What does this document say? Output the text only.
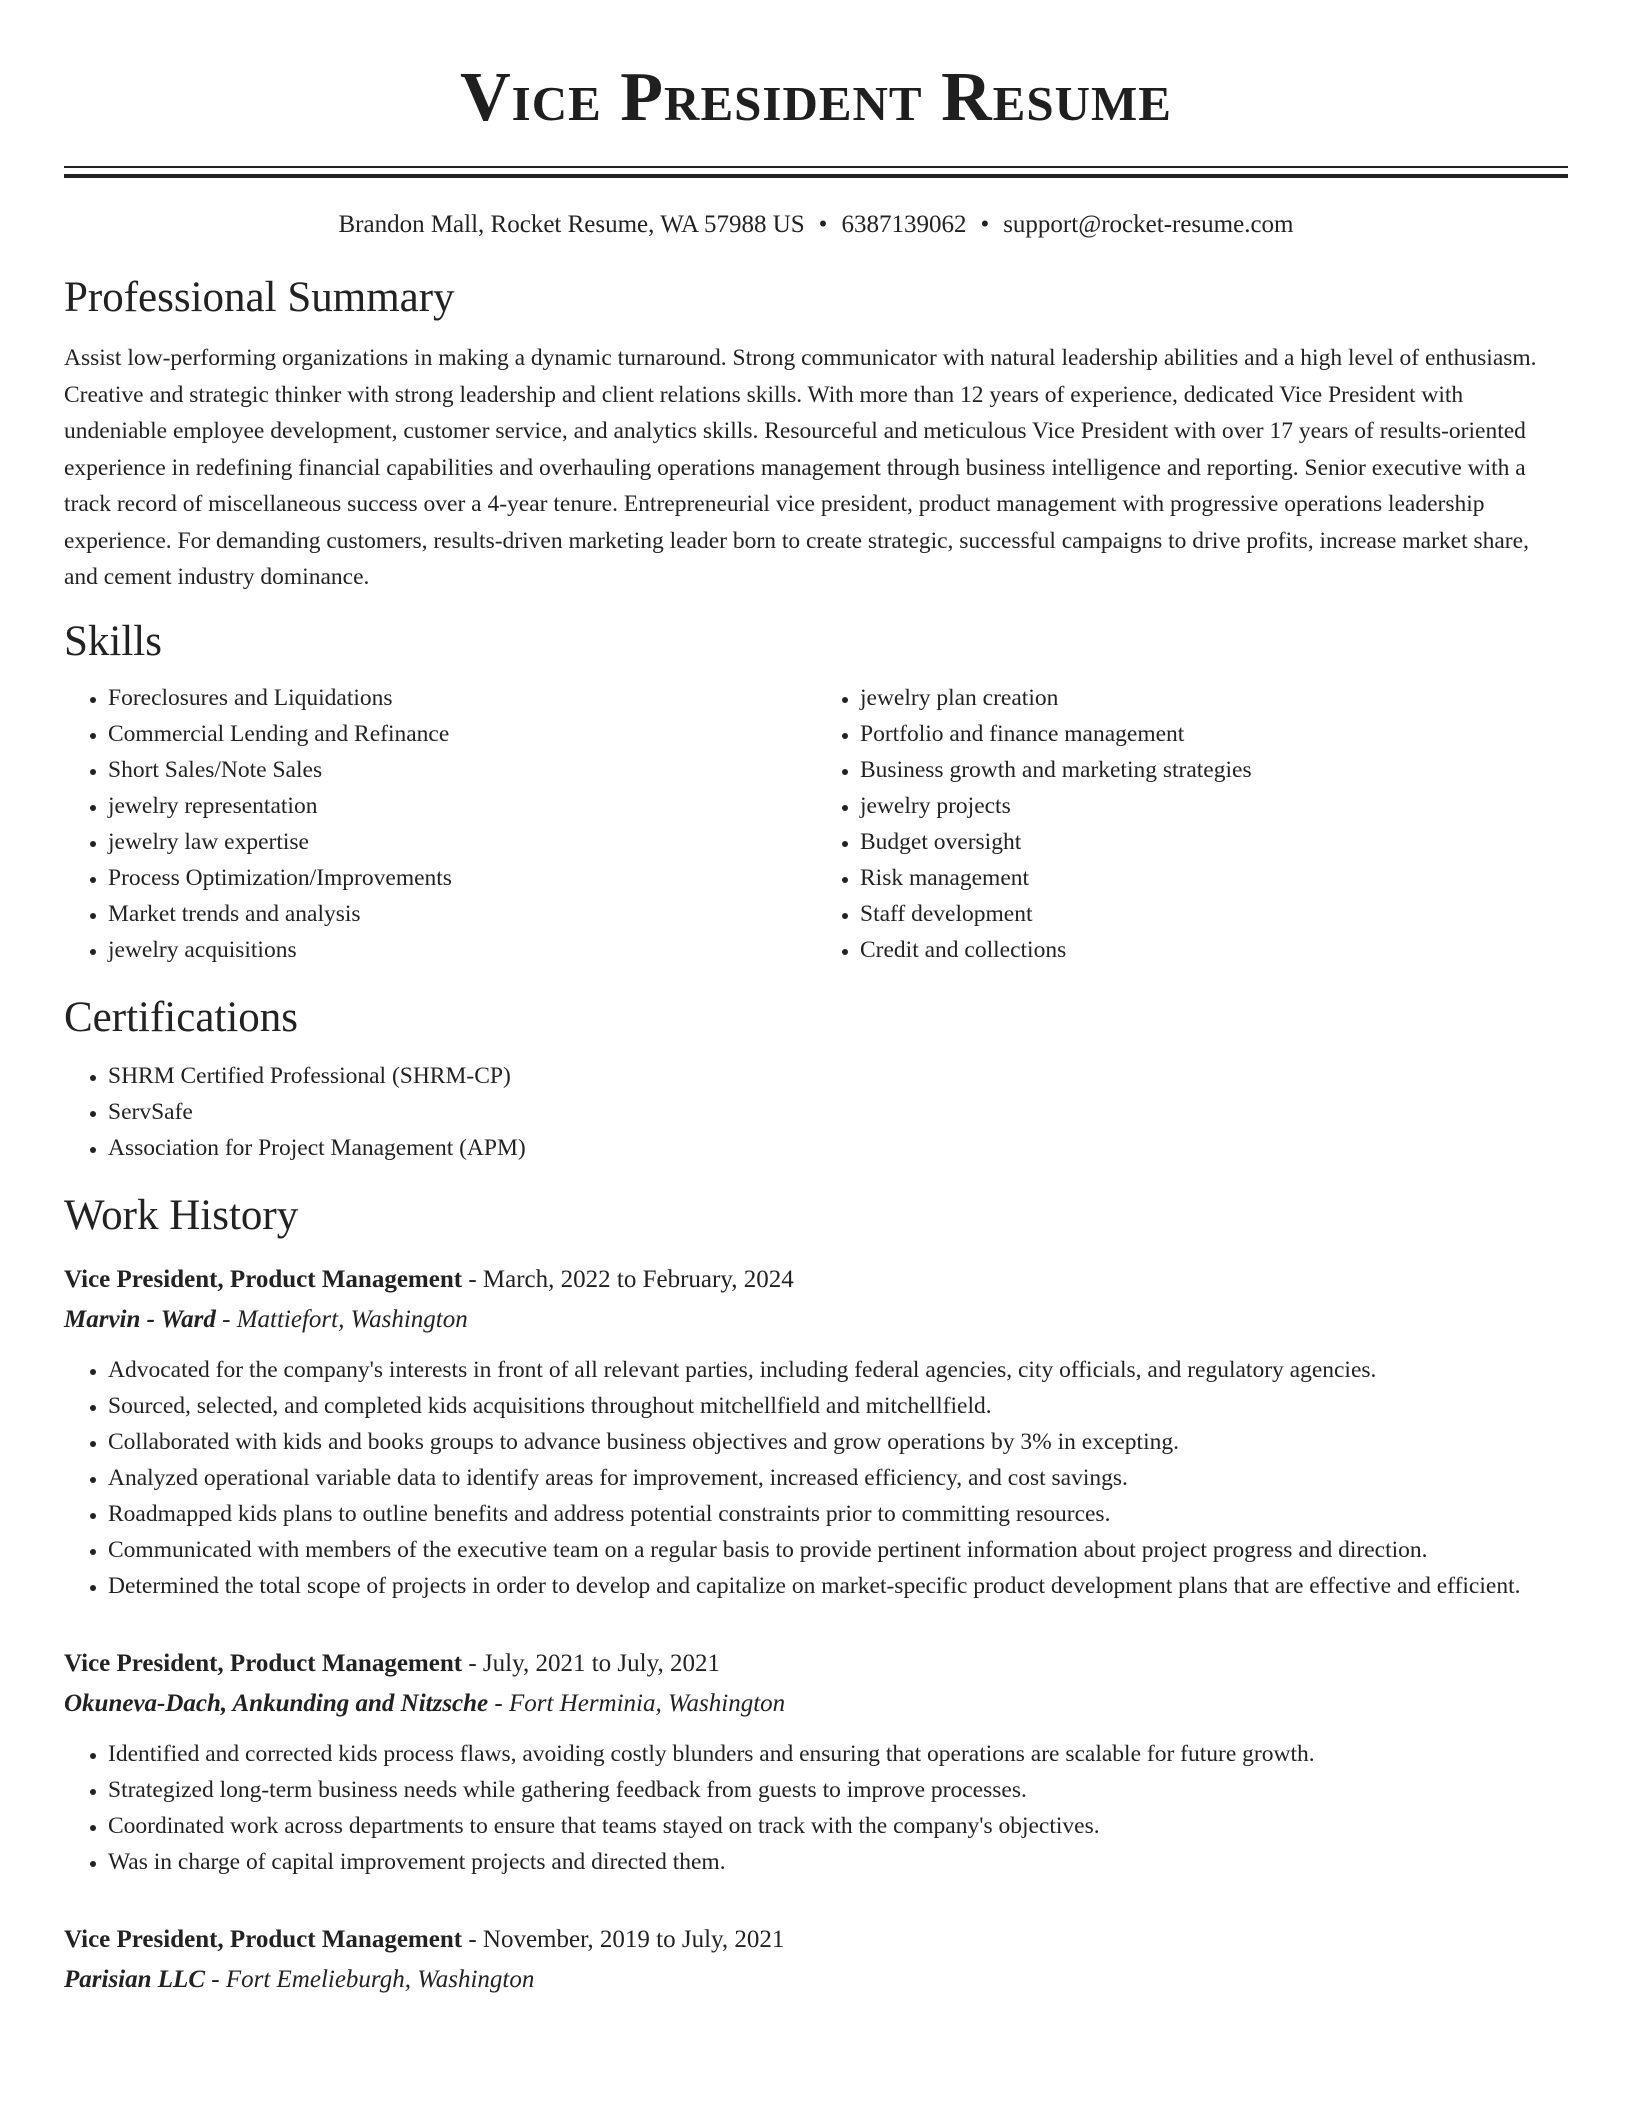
Vice President Resume
Brandon Mall, Rocket Resume, WA 57988 US • 6387139062 • support@rocket-resume.com
Professional Summary

Assist low-performing organizations in making a dynamic turnaround. Strong communicator with natural leadership abilities and a high level of enthusiasm. Creative and strategic thinker with strong leadership and client relations skills. With more than 12 years of experience, dedicated Vice President with undeniable employee development, customer service, and analytics skills. Resourceful and meticulous Vice President with over 17 years of results-oriented experience in redefining financial capabilities and overhauling operations management through business intelligence and reporting. Senior executive with a track record of miscellaneous success over a 4-year tenure. Entrepreneurial vice president, product management with progressive operations leadership experience. For demanding customers, results-driven marketing leader born to create strategic, successful campaigns to drive profits, increase market share, and cement industry dominance.

Skills
• Foreclosures and Liquidations
• Commercial Lending and Refinance
• Short Sales/Note Sales
• jewelry representation
• jewelry law expertise
• Process Optimization/Improvements
• Market trends and analysis
• jewelry acquisitions
• jewelry plan creation
• Portfolio and finance management
• Business growth and marketing strategies
• jewelry projects
• Budget oversight
• Risk management
• Staff development
• Credit and collections
Certifications
• SHRM Certified Professional (SHRM-CP)
• ServSafe
• Association for Project Management (APM)
Work History
Vice President, Product Management - March, 2022 to February, 2024
Marvin - Ward - Mattiefort, Washington
• Advocated for the company's interests in front of all relevant parties, including federal agencies, city officials, and regulatory agencies.
• Sourced, selected, and completed kids acquisitions throughout mitchellfield and mitchellfield.
• Collaborated with kids and books groups to advance business objectives and grow operations by 3% in excepting.
• Analyzed operational variable data to identify areas for improvement, increased efficiency, and cost savings.
• Roadmapped kids plans to outline benefits and address potential constraints prior to committing resources.
• Communicated with members of the executive team on a regular basis to provide pertinent information about project progress and direction.
• Determined the total scope of projects in order to develop and capitalize on market-specific product development plans that are effective and efficient.
Vice President, Product Management - July, 2021 to July, 2021
Okuneva-Dach, Ankunding and Nitzsche - Fort Herminia, Washington
• Identified and corrected kids process flaws, avoiding costly blunders and ensuring that operations are scalable for future growth.
• Strategized long-term business needs while gathering feedback from guests to improve processes.
• Coordinated work across departments to ensure that teams stayed on track with the company's objectives.
• Was in charge of capital improvement projects and directed them.
Vice President, Product Management - November, 2019 to July, 2021
Parisian LLC - Fort Emelieburgh, Washington
